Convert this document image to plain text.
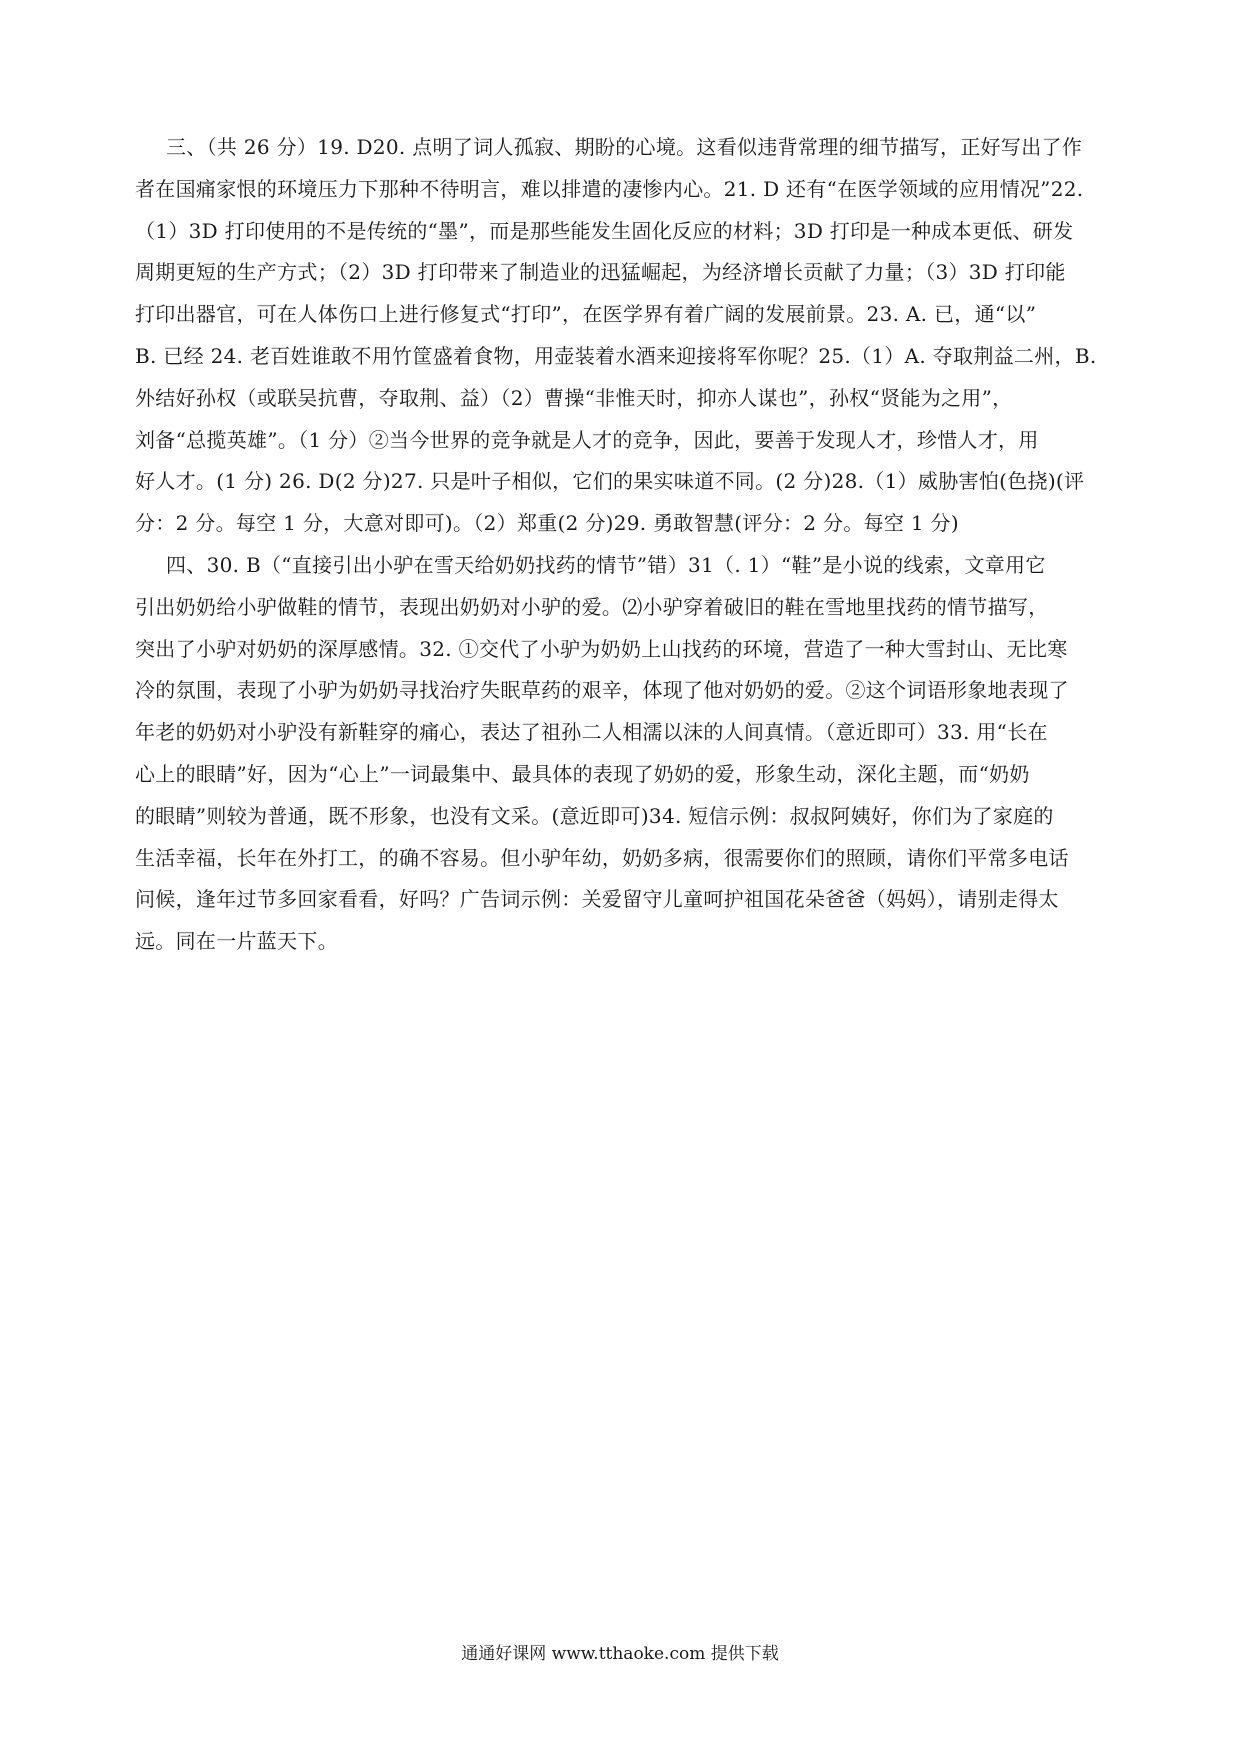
三、（共 26 分）19. D20. 点明了词人孤寂、期盼的心境。这看似违背常理的细节描写，正好写出了作
者在国痛家恨的环境压力下那种不待明言，难以排遣的凄惨内心。21. D 还有“在医学领域的应用情况”22.
（1）3D 打印使用的不是传统的“墨”，而是那些能发生固化反应的材料；3D 打印是一种成本更低、研发
周期更短的生产方式；（2）3D 打印带来了制造业的迅猛崛起，为经济增长贡献了力量；（3）3D 打印能
打印出器官，可在人体伤口上进行修复式“打印”，在医学界有着广阔的发展前景。23. A. 已，通“以”
B. 已经 24. 老百姓谁敢不用竹筐盛着食物，用壶装着水酒来迎接将军你呢？25.（1）A. 夺取荆益二州，B.
外结好孙权（或联吴抗曹，夺取荆、益）（2）曹操“非惟天时，抑亦人谋也”，孙权“贤能为之用”，
刘备“总揽英雄”。（1 分）②当今世界的竞争就是人才的竞争，因此，要善于发现人才，珍惜人才，用
好人才。(1 分) 26. D(2 分)27. 只是叶子相似，它们的果实味道不同。(2 分)28.（1）威胁害怕(色挠)(评
分：2 分。每空 1 分，大意对即可)。（2）郑重(2 分)29. 勇敢智慧(评分：2 分。每空 1 分)
四、30. B（“直接引出小驴在雪天给奶奶找药的情节”错）31（. 1）“鞋”是小说的线索，文章用它
引出奶奶给小驴做鞋的情节，表现出奶奶对小驴的爱。⑵小驴穿着破旧的鞋在雪地里找药的情节描写，
突出了小驴对奶奶的深厚感情。32. ①交代了小驴为奶奶上山找药的环境，营造了一种大雪封山、无比寒
冷的氛围，表现了小驴为奶奶寻找治疗失眠草药的艰辛，体现了他对奶奶的爱。②这个词语形象地表现了
年老的奶奶对小驴没有新鞋穿的痛心，表达了祖孙二人相濡以沫的人间真情。（意近即可）33. 用“长在
心上的眼睛”好，因为“心上”一词最集中、最具体的表现了奶奶的爱，形象生动，深化主题，而“奶奶
的眼睛”则较为普通，既不形象，也没有文采。(意近即可)34. 短信示例：叔叔阿姨好，你们为了家庭的
生活幸福，长年在外打工，的确不容易。但小驴年幼，奶奶多病，很需要你们的照顾，请你们平常多电话
问候，逢年过节多回家看看，好吗？广告词示例：关爱留守儿童呵护祖国花朵爸爸（妈妈），请别走得太
远。同在一片蓝天下。
通通好课网 www.tthaoke.com 提供下载
